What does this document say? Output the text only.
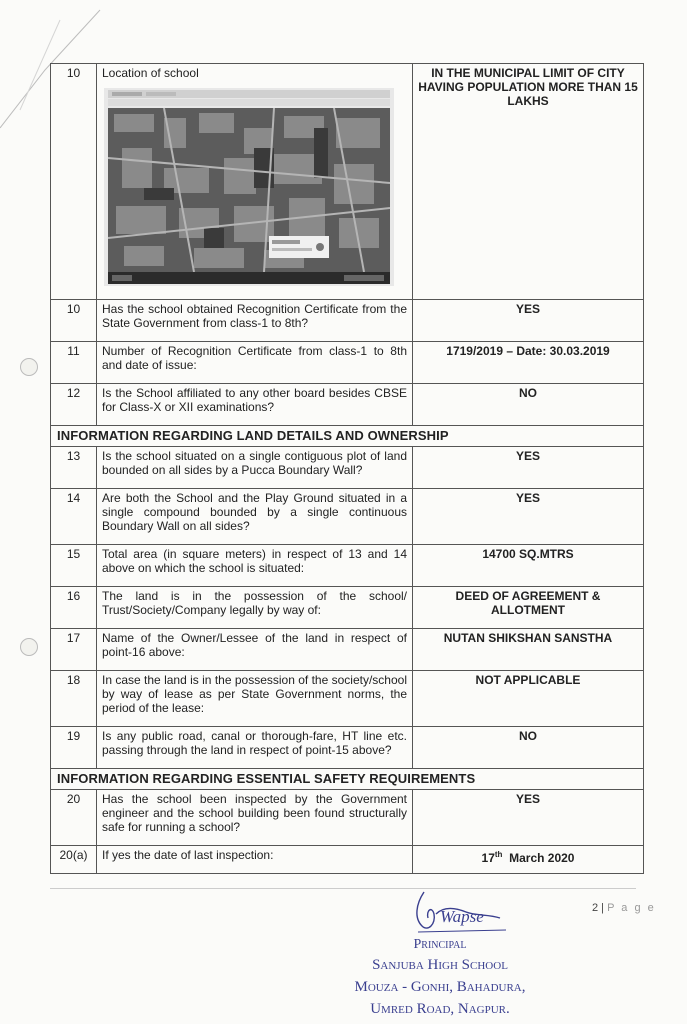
10	Location of school	IN THE MUNICIPAL LIMIT OF CITY HAVING POPULATION MORE THAN 15 LAKHS
10	Has the school obtained Recognition Certificate from the State Government from class-1 to 8th?	YES
11	Number of Recognition Certificate from class-1 to 8th and date of issue:	1719/2019 – Date: 30.03.2019
12	Is the School affiliated to any other board besides CBSE for Class-X or XII examinations?	NO
INFORMATION REGARDING LAND DETAILS AND OWNERSHIP		
13	Is the school situated on a single contiguous plot of land bounded on all sides by a Pucca Boundary Wall?	YES
14	Are both the School and the Play Ground situated in a single compound bounded by a single continuous Boundary Wall on all sides?	YES
15	Total area (in square meters) in respect of 13 and 14 above on which the school is situated:	14700 SQ.MTRS
16	The land is in the possession of the school/ Trust/Society/Company legally by way of:	DEED OF AGREEMENT & ALLOTMENT
17	Name of the Owner/Lessee of the land in respect of point-16 above:	NUTAN SHIKSHAN SANSTHA
18	In case the land is in the possession of the society/school by way of lease as per State Government norms, the period of the lease:	NOT APPLICABLE
19	Is any public road, canal or thorough-fare, HT line etc. passing through the land in respect of point-15 above?	NO
INFORMATION REGARDING ESSENTIAL SAFETY REQUIREMENTS		
20	Has the school been inspected by the Government engineer and the school building been found structurally safe for running a school?	YES
20(a)	If yes the date of last inspection:	17th March 2020
2 | P a g e
Wapse
Principal
Sanjuba High School
Mouza - Gonhi, Bahadura,
Umred Road, Nagpur.
